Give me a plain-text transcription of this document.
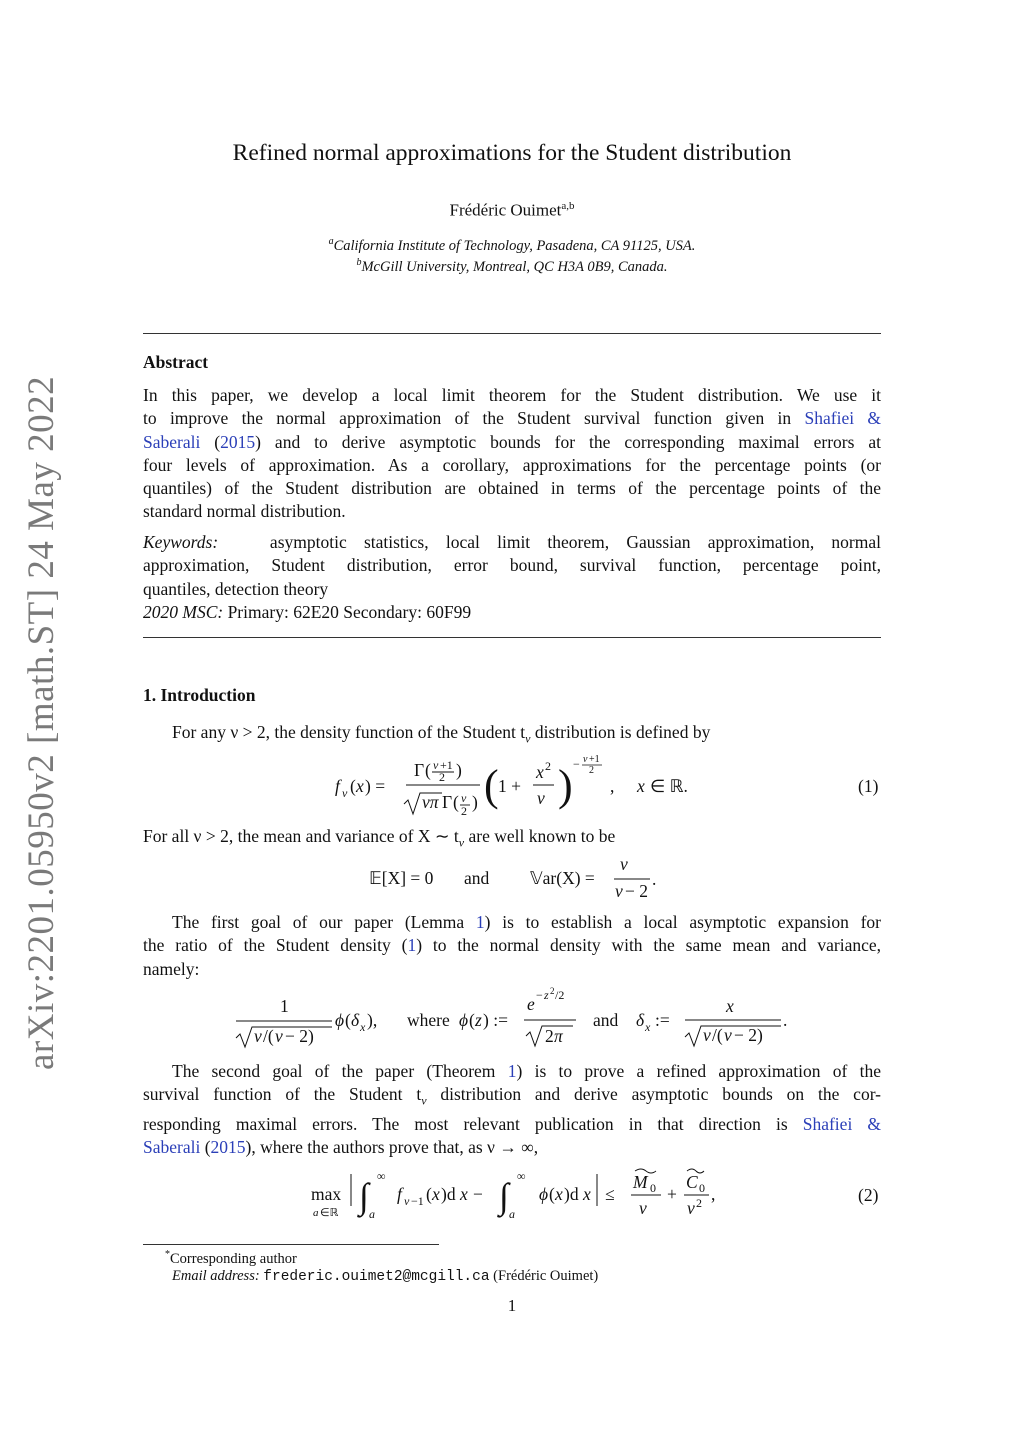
arXiv:2201.05950v2 [math.ST] 24 May 2022
Refined normal approximations for the Student distribution
Frédéric Ouimet$^{a,b}$
$^a$California Institute of Technology, Pasadena, CA 91125, USA.
$^b$McGill University, Montreal, QC H3A 0B9, Canada.
Abstract
In this paper, we develop a local limit theorem for the Student distribution. We use it
to improve the normal approximation of the Student survival function given in Shafiei &
Saberali (2015) and to derive asymptotic bounds for the corresponding maximal errors at
four levels of approximation. As a corollary, approximations for the percentage points (or
quantiles) of the Student distribution are obtained in terms of the percentage points of the
standard normal distribution.
Keywords:	asymptotic statistics, local limit theorem, Gaussian approximation, normal
approximation, Student distribution, error bound, survival function, percentage point,
quantiles, detection theory
2020 MSC: Primary: 62E20 Secondary: 60F99
1. Introduction
For any ν > 2, the density function of the Student $t_\nu$ distribution is defined by
f ν ( x ) =
Γ ( ν +1
2 )
νπ Γ ( ν
2 ) ( 1 +
x 2
ν ) − ν +1
2
, x ∈ ℝ.	(1)
For all ν > 2, the mean and variance of X ∼ $t_\nu$ are well known to be
𝔼[X] = 0 and 𝕍ar(X) =
ν
ν − 2
.
The first goal of our paper (Lemma 1) is to establish a local asymptotic expansion for
the ratio of the Student density (1) to the normal density with the same mean and variance,
namely:
1
ν /( ν − 2)
ϕ ( δ x ), where ϕ ( z ) :=
e − z 2 /2
2 π
δ x :=
x
ν /( ν − 2)
.
and
The second goal of the paper (Theorem 1) is to prove a refined approximation of the
survival function of the Student $t_\nu$ distribution and derive asymptotic bounds on the cor-
responding maximal errors. The most relevant publication in that direction is Shafiei &
Saberali (2015), where the authors prove that, as ν → ∞,
max
a ∈ℝ ∫ ∞
a
f ν −1 ( x )d x − ∫ ∞
a
ϕ ( x )d x ≤
M 0
ν
+
C 0
ν 2 ,	(2)
*Corresponding author
Email address: frederic.ouimet2@mcgill.ca (Frédéric Ouimet)
1
